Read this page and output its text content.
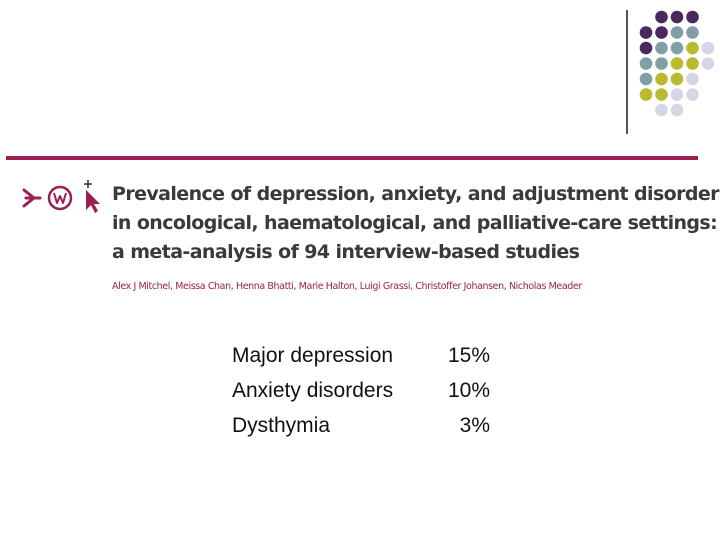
Prevalence of depression, anxiety, and adjustment disorder
in oncological, haematological, and palliative-care settings:
a meta-analysis of 94 interview-based studies
Alex J Mitchel, Meissa Chan, Henna Bhatti, Marie Halton, Luigi Grassi, Christoffer Johansen, Nicholas Meader
Major depression	15%
Anxiety disorders	10%
Dysthymia	3%
